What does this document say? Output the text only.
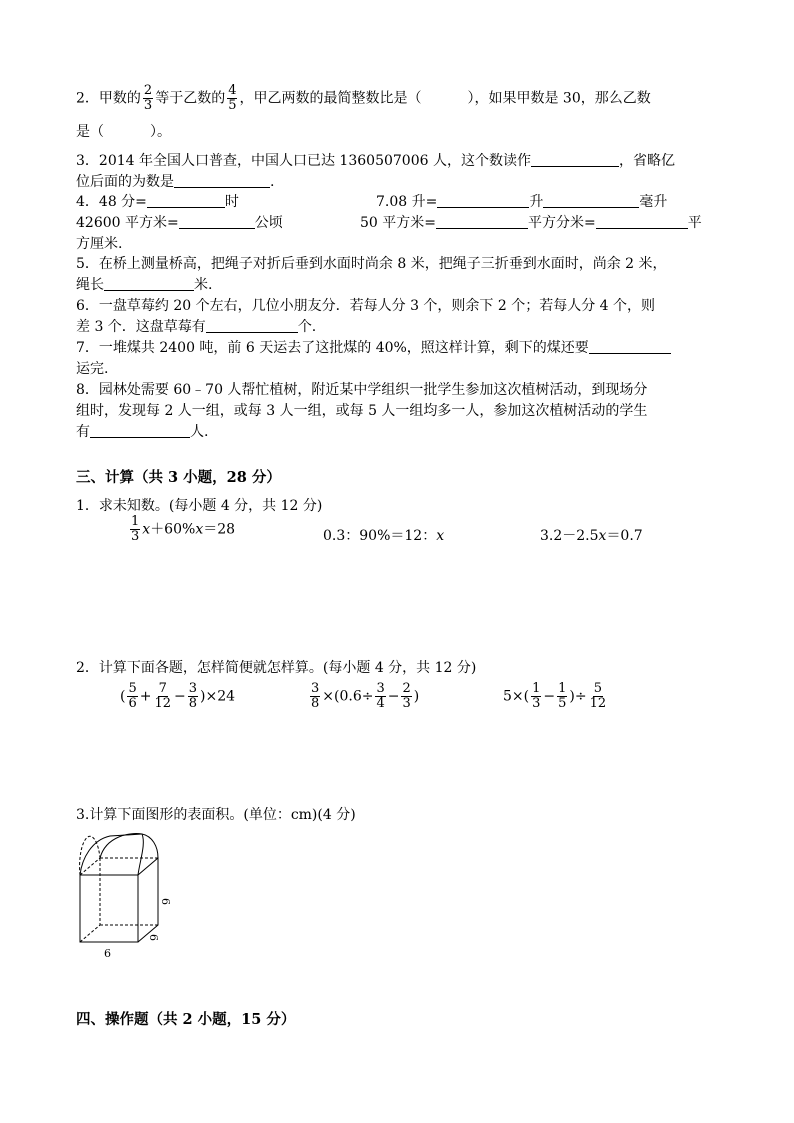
2．甲数的 $\frac{2}{3}$ 等于乙数的 $\frac{4}{5}$ ，甲乙两数的最简整数比是（	），如果甲数是 30，那么乙数
是（	）。
3．2014 年全国人口普查，中国人口已达 1360507006 人，这个数读作	，省略亿
位后面的为数是	.
4．48 分=	时	7.08 升=	升	毫升
42600 平方米=	公顷	50 平方米=	平方分米=	平
方厘米.
5．在桥上测量桥高，把绳子对折后垂到水面时尚余 8 米，把绳子三折垂到水面时，尚余 2 米，
绳长	米.
6．一盘草莓约 20 个左右，几位小朋友分．若每人分 3 个，则余下 2 个；若每人分 4 个，则
差 3 个．这盘草莓有	个.
7．一堆煤共 2400 吨，前 6 天运去了这批煤的 40%，照这样计算，剩下的煤还要
运完.
8．园林处需要 60﹣70 人帮忙植树，附近某中学组织一批学生参加这次植树活动，到现场分
组时，发现每 2 人一组，或每 3 人一组，或每 5 人一组均多一人，参加这次植树活动的学生
有	人.
三、计算（共 3 小题，28 分）
1．求未知数。(每小题 4 分，共 12 分)
$\frac{1}{3} x+60\%x=28$	0.3：90%＝12：x	3.2－2.5x＝0.7
2．计算下面各题，怎样简便就怎样算。(每小题 4 分，共 12 分)
( $\frac{5}{6} + \frac{7}{12} - \frac{3}{8} )\times 24$	$\frac{3}{8} \times(0.6\div \frac{3}{4} - \frac{2}{3}$ )	$5\times( \frac{1}{3} - \frac{1}{5}$ )÷ $\frac{5}{12}$
3.计算下面图形的表面积。(单位：cm)(4 分)
6
6
6
四、操作题（共 2 小题，15 分）
